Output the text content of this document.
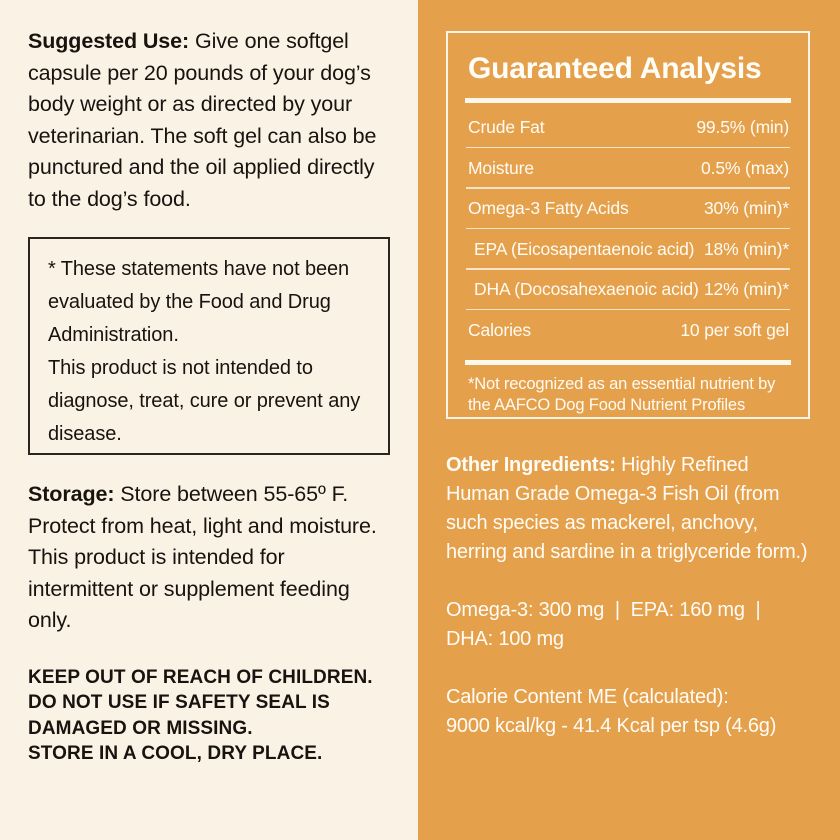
Suggested Use: Give one softgel capsule per 20 pounds of your dog’s body weight or as directed by your veterinarian. The soft gel can also be punctured and the oil applied directly to the dog’s food.

* These statements have not been evaluated by the Food and Drug Administration.

This product is not intended to diagnose, treat, cure or prevent any disease.

Storage: Store between 55-65º F. Protect from heat, light and moisture. This product is intended for intermittent or supplement feeding only.

KEEP OUT OF REACH OF CHILDREN.
DO NOT USE IF SAFETY SEAL IS
DAMAGED OR MISSING.
STORE IN A COOL, DRY PLACE.
Guaranteed Analysis
Crude Fat	99.5% (min)
Moisture	0.5% (max)
Omega-3 Fatty Acids	30% (min)*
EPA (Eicosapentaenoic acid) 18% (min)*
DHA (Docosahexaenoic acid) 12% (min)*
Calories	10 per soft gel
*Not recognized as an essential nutrient by the AAFCO Dog Food Nutrient Profiles

Other Ingredients: Highly Refined Human Grade Omega-3 Fish Oil (from such species as mackerel, anchovy, herring and sardine in a triglyceride form.)

Omega-3: 300 mg | EPA: 160 mg | DHA: 100 mg

Calorie Content ME (calculated):
9000 kcal/kg - 41.4 Kcal per tsp (4.6g)
